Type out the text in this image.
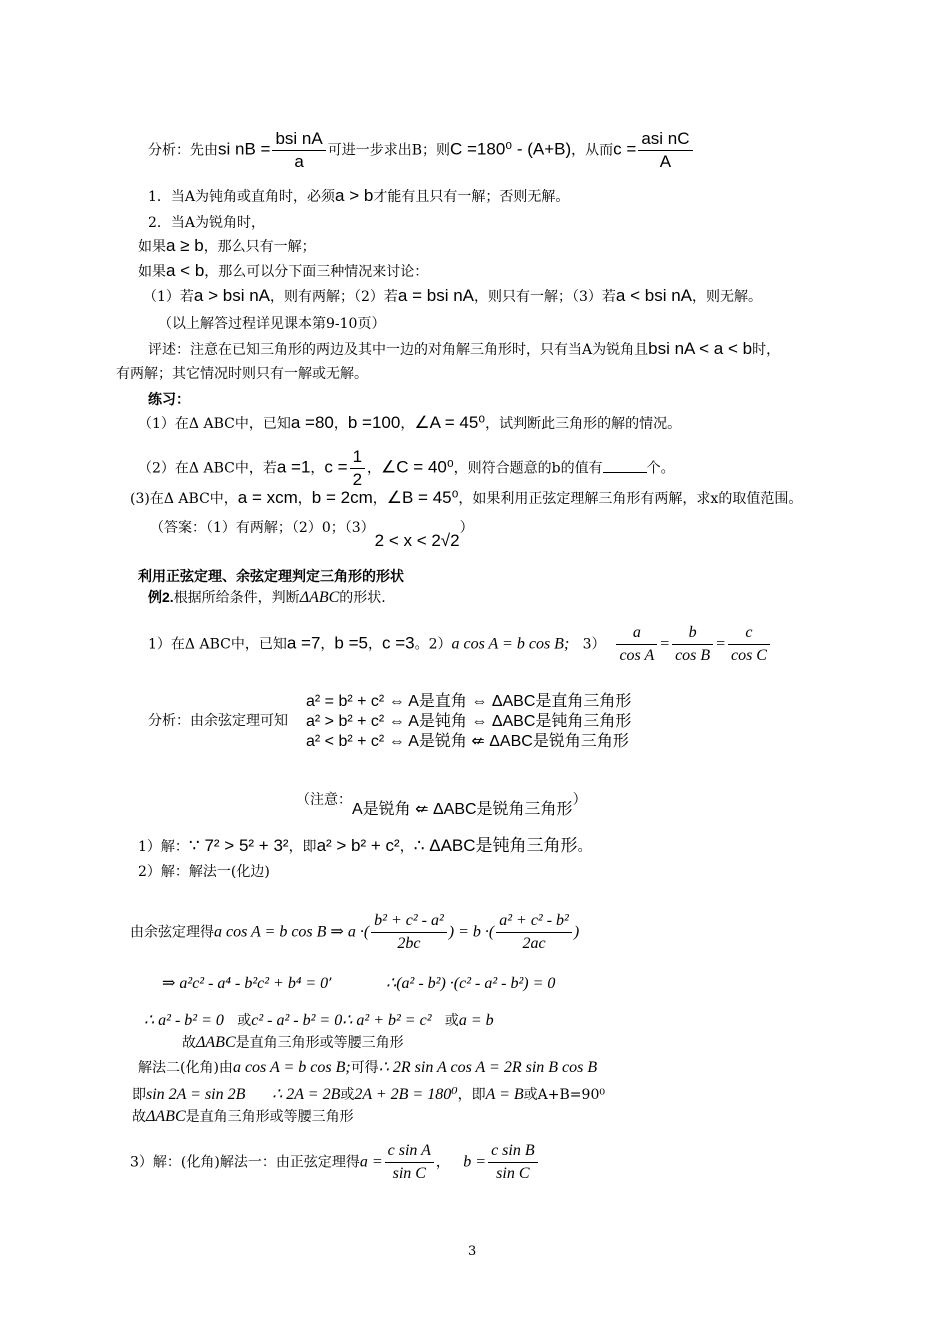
分析：先由si nB = $\frac{\text{bsi nA}}{a}$ 可进一步求出B；则C =180⁰ - (A+B)，从而$c = \frac{\text{asi nC}}{A}$
1．当A为钝角或直角时，必须a > b才能有且只有一解；否则无解。
2．当A为锐角时，
如果a ≥ b，那么只有一解；
如果a < b，那么可以分下面三种情况来讨论：
（1）若a > bsi nA，则有两解；（2）若a = bsi nA，则只有一解；（3）若a < bsi nA，则无解。
（以上解答过程详见课本第9-10页）
评述：注意在已知三角形的两边及其中一边的对角解三角形时，只有当A为锐角且bsi nA < a < b时，
有两解；其它情况时则只有一解或无解。
练习：
（1）在Δ ABC中，已知a =80，b =100，∠A = 45⁰，试判断此三角形的解的情况。
（2）在Δ ABC中，若a =1，$c = \frac{1}{2}$ ，∠C = 40⁰，则符合题意的b的值有	个。
(3)在Δ ABC中，a = xcm，b = 2cm，∠B = 45⁰，如果利用正弦定理解三角形有两解，求x的取值范围。
（答案：（1）有两解；（2）0；（3）2 < x < 2√2）
利用正弦定理、余弦定理判定三角形的形状
例2.根据所给条件，判断ΔABC的形状.
1）在Δ ABC中，已知a =7，b =5，c =3。2）a cos A = b cos B; $3) \frac{a}{\text{cos A}} = \frac{b}{\text{cos B}} = \frac{c}{\text{cos C}}$
分析：由余弦定理可知
a² = b² + c² ⇔ A是直角 ⇔ ΔABC是直角三角形
a² > b² + c² ⇔ A是钝角 ⇔ ΔABC是钝角三角形
a² < b² + c² ⇔ A是锐角 ⇍ ΔABC是锐角三角形
（注意：A是锐角 ⇍ ΔABC是锐角三角形）
1）解：∵ 7² > 5² + 3²，即a² > b² + c²，∴ ΔABC是钝角三角形。
2）解：解法一(化边)
由余弦定理得a cos A = b cos B ⇒ a ·( $\frac{\text{b² + c² - a²}}{2bc}$ ) = b ·( $\frac{\text{a² + c² - b²}}{2ac}$ )
⇒ a²c² - a⁴ - b²c² + b⁴ = 0’	∴(a² - b²) ·(c² - a² - b²) = 0
∴ a² - b² = 0 或c² - a² - b² = 0∴ a² + b² = c² 或a = b
故ΔABC是直角三角形或等腰三角形
解法二(化角)由a cos A = b cos B;可得∴ 2R sin A cos A = 2R sin B cos B
即sin 2A = sin 2B ∴ 2A = 2B或2A + 2B = 180⁰，即A = B或A+B=90⁰
故ΔABC是直角三角形或等腰三角形
3）解：(化角)解法一：由正弦定理得$a = \frac{\text{c sin A}}{\text{sin C}}$ ， $b = \frac{\text{c sin B}}{\text{sin C}}$
3
